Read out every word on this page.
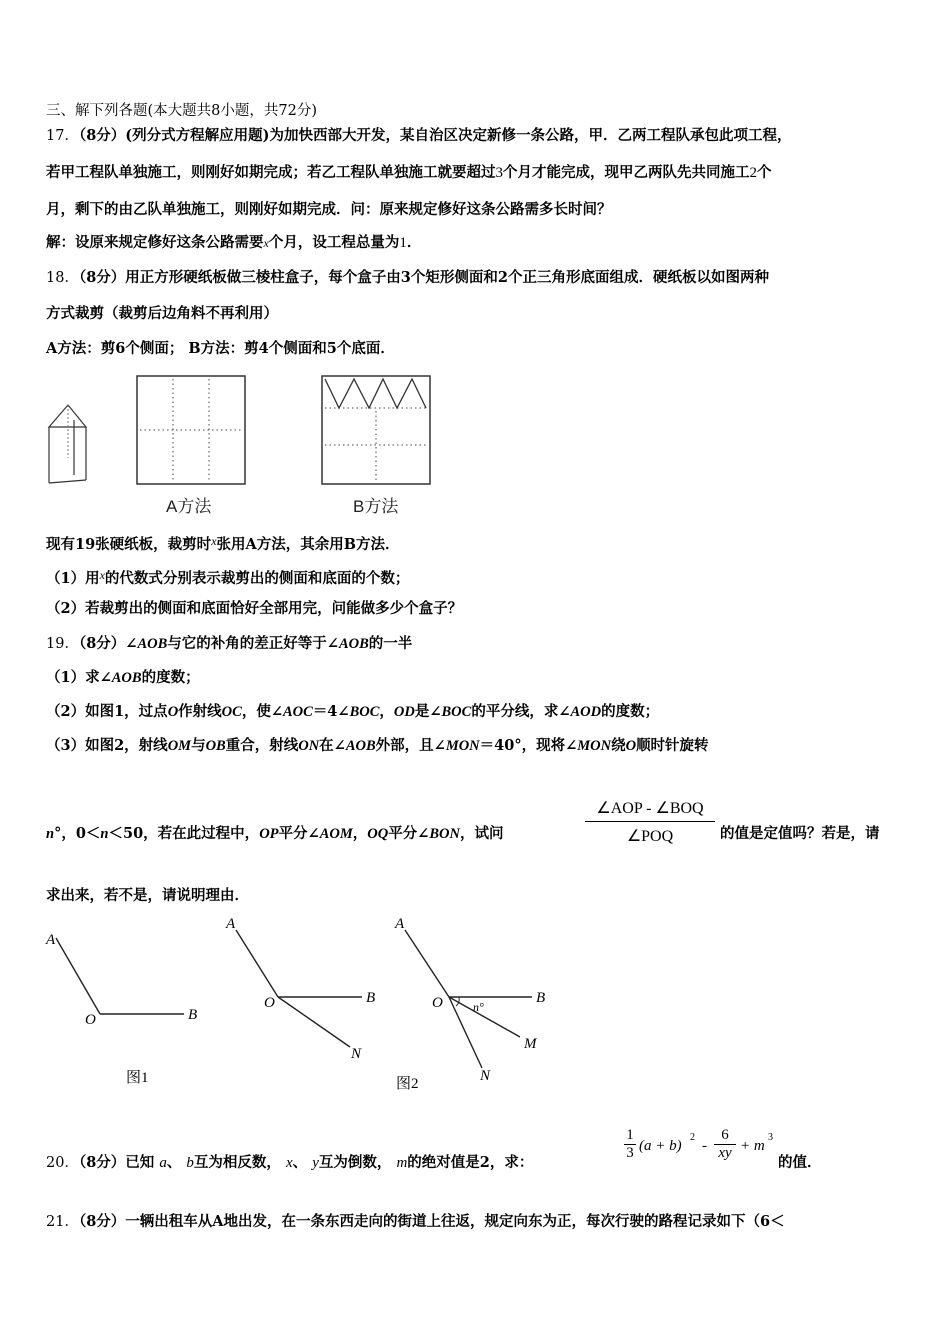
三、解下列各题(本大题共8小题，共72分)
17．（8分）(列分式方程解应用题)为加快西部大开发，某自治区决定新修一条公路，甲．乙两工程队承包此项工程，
若甲工程队单独施工，则刚好如期完成；若乙工程队单独施工就要超过3个月才能完成，现甲乙两队先共同施工2个
月，剩下的由乙队单独施工，则刚好如期完成．问：原来规定修好这条公路需多长时间？
解：设原来规定修好这条公路需要x个月，设工程总量为1．
18．（8分）用正方形硬纸板做三棱柱盒子，每个盒子由3个矩形侧面和2个正三角形底面组成．硬纸板以如图两种
方式裁剪（裁剪后边角料不再利用）
A方法：剪6个侧面； B方法：剪4个侧面和5个底面．
A方法	B方法
现有19张硬纸板，裁剪时$^x$张用A方法，其余用B方法．
（1）用$^x$的代数式分别表示裁剪出的侧面和底面的个数；
（2）若裁剪出的侧面和底面恰好全部用完，问能做多少个盒子？
19．（8分）∠AOB与它的补角的差正好等于∠AOB的一半
（1）求∠AOB的度数；
（2）如图1，过点O作射线OC，使∠AOC＝4∠BOC，OD是∠BOC的平分线，求∠AOD的度数；
（3）如图2，射线OM与OB重合，射线ON在∠AOB外部，且∠MON＝40°，现将∠MON绕O顺时针旋转
n°，0＜n＜50，若在此过程中，OP平分∠AOM，OQ平分∠BON，试问
∠AOP - ∠BOQ
∠POQ	的值是定值吗？若是，请
求出来，若不是，请说明理由．
A
O	B
图1
A
O	B
N
A
O	B
M
N
n°
图2
20．（8分）已知 a、 b互为相反数， x、 y互为倒数， m的绝对值是2，求：
$\frac{1}{3} (a + b)$
2
- $\frac{6}{xy} + m$
3
的值．
21．（8分）一辆出租车从A地出发，在一条东西走向的街道上往返，规定向东为正，每次行驶的路程记录如下（6＜
